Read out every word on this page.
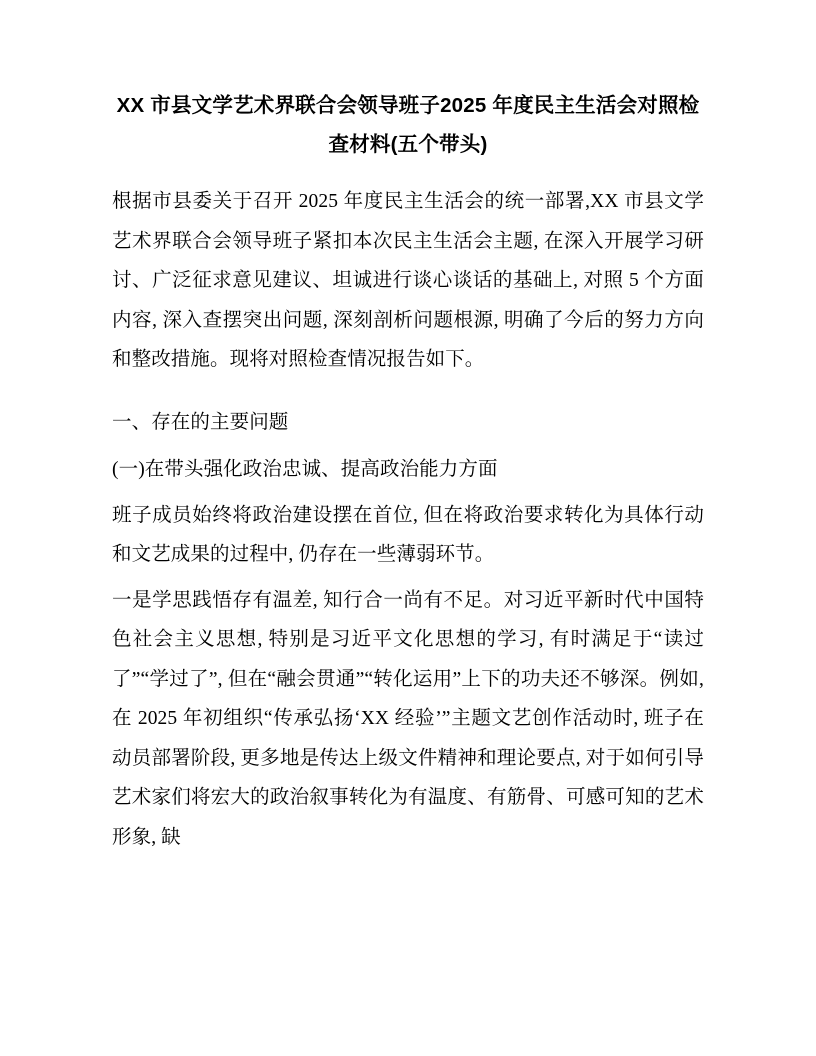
XX 市县文学艺术界联合会领导班子2025 年度民主生活会对照检查材料(五个带头)

根据市县委关于召开 2025 年度民主生活会的统一部署,XX 市县文学艺术界联合会领导班子紧扣本次民主生活会主题, 在深入开展学习研讨、广泛征求意见建议、坦诚进行谈心谈话的基础上, 对照 5 个方面内容, 深入查摆突出问题, 深刻剖析问题根源, 明确了今后的努力方向和整改措施。现将对照检查情况报告如下。

一、存在的主要问题

(一)在带头强化政治忠诚、提高政治能力方面

班子成员始终将政治建设摆在首位, 但在将政治要求转化为具体行动和文艺成果的过程中, 仍存在一些薄弱环节。

一是学思践悟存有温差, 知行合一尚有不足。对习近平新时代中国特色社会主义思想, 特别是习近平文化思想的学习, 有时满足于“读过了”“学过了”, 但在“融会贯通”“转化运用”上下的功夫还不够深。例如, 在 2025 年初组织“传承弘扬‘XX 经验’”主题文艺创作活动时, 班子在动员部署阶段, 更多地是传达上级文件精神和理论要点, 对于如何引导艺术家们将宏大的政治叙事转化为有温度、有筋骨、可感可知的艺术形象, 缺
